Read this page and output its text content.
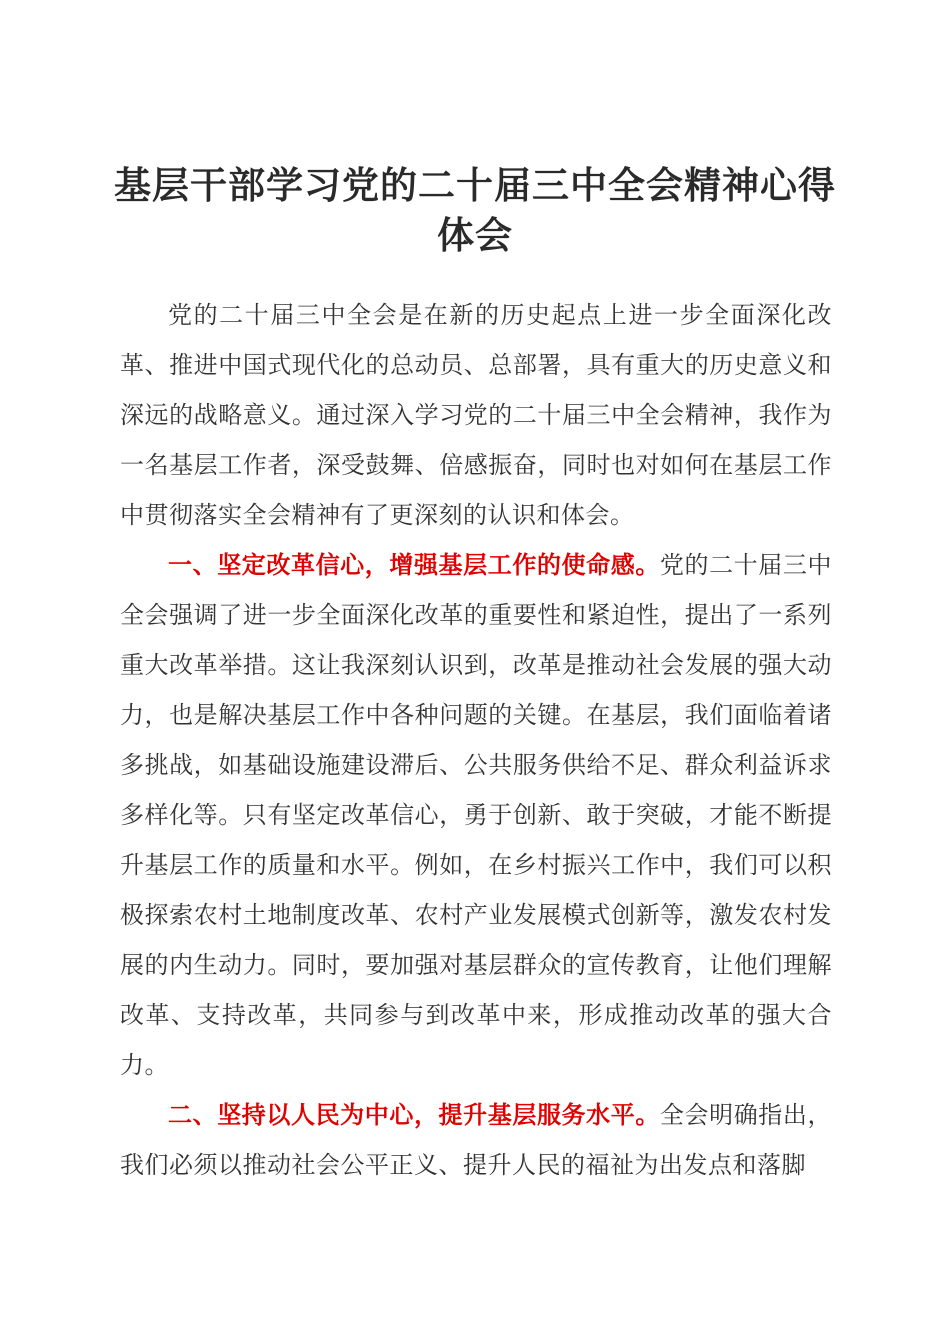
基层干部学习党的二十届三中全会精神心得体会

党的二十届三中全会是在新的历史起点上进一步全面深化改革、推进中国式现代化的总动员、总部署，具有重大的历史意义和深远的战略意义。通过深入学习党的二十届三中全会精神，我作为一名基层工作者，深受鼓舞、倍感振奋，同时也对如何在基层工作中贯彻落实全会精神有了更深刻的认识和体会。

一、坚定改革信心，增强基层工作的使命感。党的二十届三中全会强调了进一步全面深化改革的重要性和紧迫性，提出了一系列重大改革举措。这让我深刻认识到，改革是推动社会发展的强大动力，也是解决基层工作中各种问题的关键。在基层，我们面临着诸多挑战，如基础设施建设滞后、公共服务供给不足、群众利益诉求多样化等。只有坚定改革信心，勇于创新、敢于突破，才能不断提升基层工作的质量和水平。例如，在乡村振兴工作中，我们可以积极探索农村土地制度改革、农村产业发展模式创新等，激发农村发展的内生动力。同时，要加强对基层群众的宣传教育，让他们理解改革、支持改革，共同参与到改革中来，形成推动改革的强大合力。

二、坚持以人民为中心，提升基层服务水平。全会明确指出，我们必须以推动社会公平正义、提升人民的福祉为出发点和落脚
